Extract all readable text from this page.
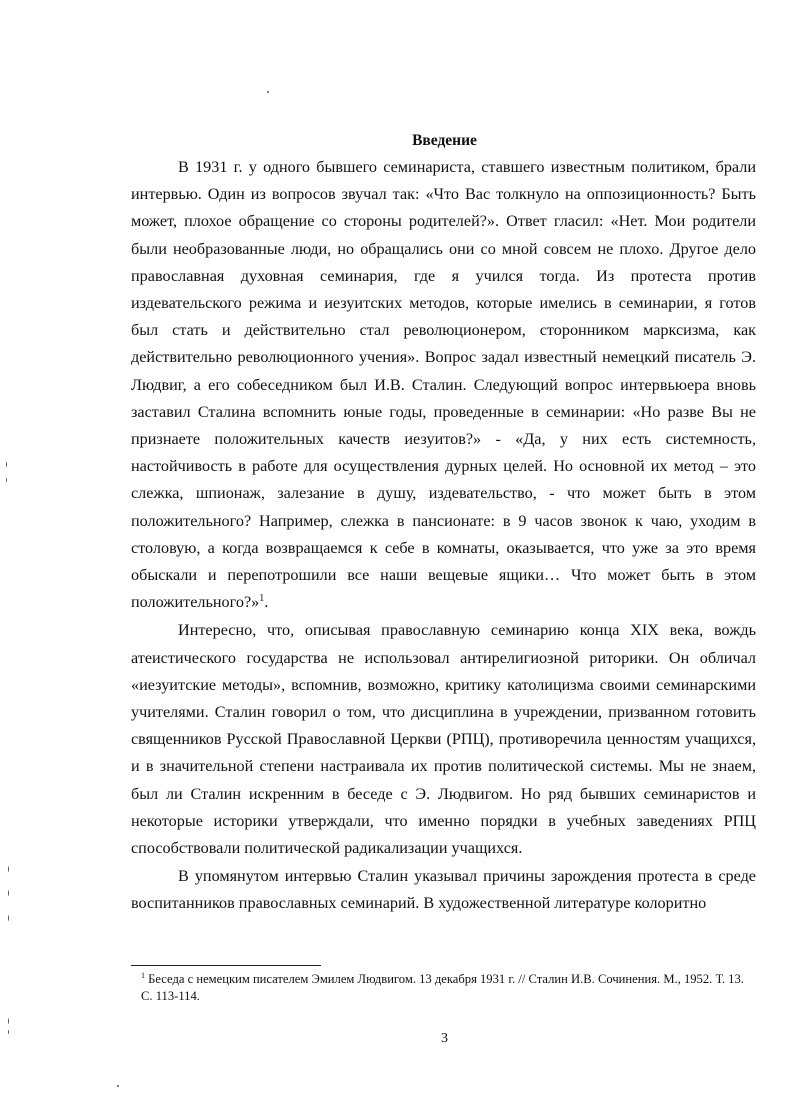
Введение

В 1931 г. у одного бывшего семинариста, ставшего известным политиком, брали интервью. Один из вопросов звучал так: «Что Вас толкнуло на оппозиционность? Быть может, плохое обращение со стороны родителей?». Ответ гласил: «Нет. Мои родители были необразованные люди, но обращались они со мной совсем не плохо. Другое дело православная духовная семинария, где я учился тогда. Из протеста против издевательского режима и иезуитских методов, которые имелись в семинарии, я готов был стать и действительно стал революционером, сторонником марксизма, как действительно революционного учения». Вопрос задал известный немецкий писатель Э. Людвиг, а его собеседником был И.В. Сталин. Следующий вопрос интервьюера вновь заставил Сталина вспомнить юные годы, проведенные в семинарии: «Но разве Вы не признаете положительных качеств иезуитов?» - «Да, у них есть системность, настойчивость в работе для осуществления дурных целей. Но основной их метод – это слежка, шпионаж, залезание в душу, издевательство, - что может быть в этом положительного? Например, слежка в пансионате: в 9 часов звонок к чаю, уходим в столовую, а когда возвращаемся к себе в комнаты, оказывается, что уже за это время обыскали и перепотрошили все наши вещевые ящики… Что может быть в этом положительного?»$^1$.

Интересно, что, описывая православную семинарию конца XIX века, вождь атеистического государства не использовал антирелигиозной риторики. Он обличал «иезуитские методы», вспомнив, возможно, критику католицизма своими семинарскими учителями. Сталин говорил о том, что дисциплина в учреждении, призванном готовить священников Русской Православной Церкви (РПЦ), противоречила ценностям учащихся, и в значительной степени настраивала их против политической системы. Мы не знаем, был ли Сталин искренним в беседе с Э. Людвигом. Но ряд бывших семинаристов и некоторые историки утверждали, что именно порядки в учебных заведениях РПЦ способствовали политической радикализации учащихся.

В упомянутом интервью Сталин указывал причины зарождения протеста в среде воспитанников православных семинарий. В художественной литературе колоритно

$^1$ Беседа с немецким писателем Эмилем Людвигом. 13 декабря 1931 г. // Сталин И.В. Сочинения. М., 1952. Т. 13. С. 113-114.

3
